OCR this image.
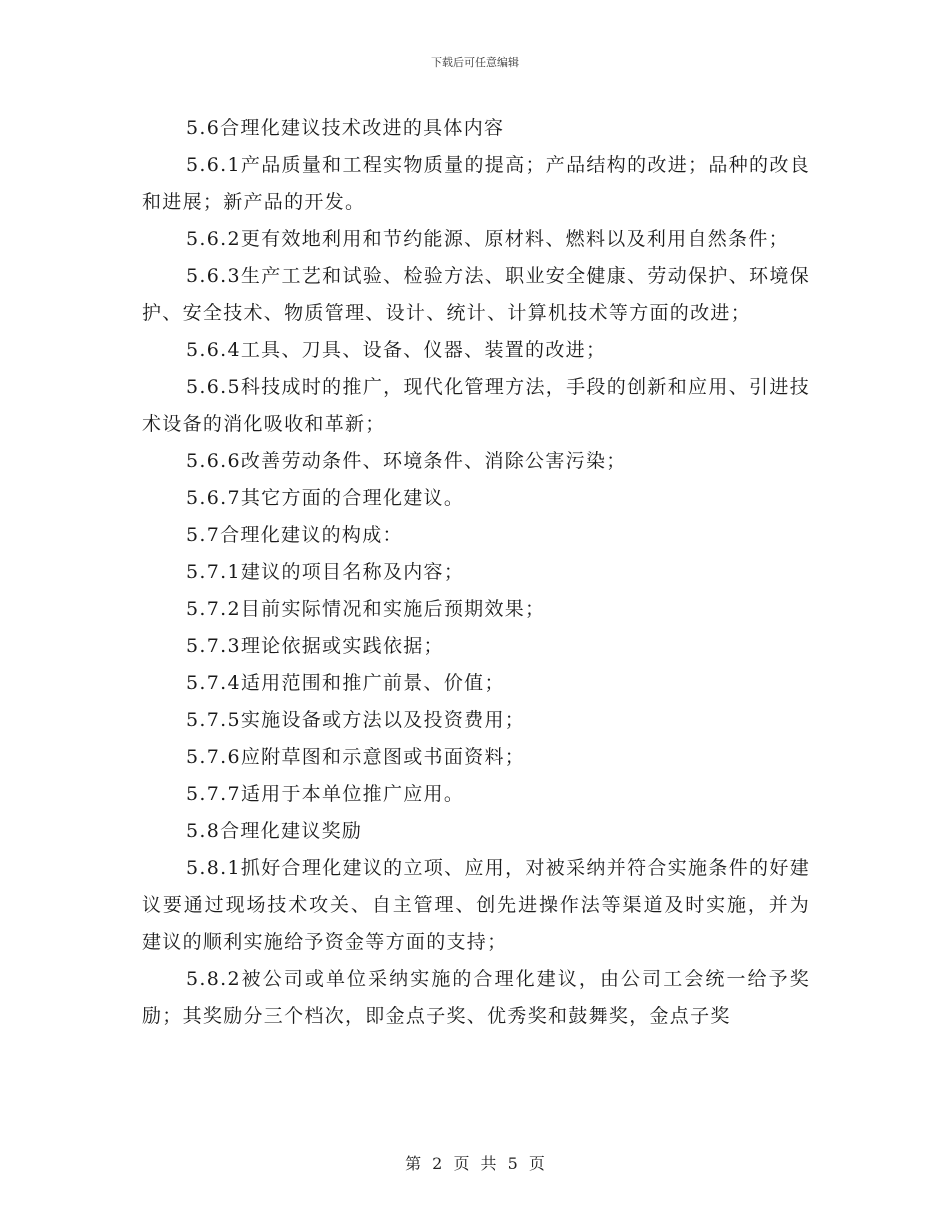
下载后可任意编辑

5.6合理化建议技术改进的具体内容

5.6.1产品质量和工程实物质量的提高；产品结构的改进；品种的改良和进展；新产品的开发。

5.6.2更有效地利用和节约能源、原材料、燃料以及利用自然条件；

5.6.3生产工艺和试验、检验方法、职业安全健康、劳动保护、环境保护、安全技术、物质管理、设计、统计、计算机技术等方面的改进；

5.6.4工具、刀具、设备、仪器、装置的改进；

5.6.5科技成时的推广，现代化管理方法，手段的创新和应用、引进技术设备的消化吸收和革新；

5.6.6改善劳动条件、环境条件、消除公害污染；

5.6.7其它方面的合理化建议。

5.7合理化建议的构成：

5.7.1建议的项目名称及内容；

5.7.2目前实际情况和实施后预期效果；

5.7.3理论依据或实践依据；

5.7.4适用范围和推广前景、价值；

5.7.5实施设备或方法以及投资费用；

5.7.6应附草图和示意图或书面资料；

5.7.7适用于本单位推广应用。

5.8合理化建议奖励

5.8.1抓好合理化建议的立项、应用，对被采纳并符合实施条件的好建议要通过现场技术攻关、自主管理、创先进操作法等渠道及时实施，并为建议的顺利实施给予资金等方面的支持；

5.8.2被公司或单位采纳实施的合理化建议，由公司工会统一给予奖励；其奖励分三个档次，即金点子奖、优秀奖和鼓舞奖，金点子奖

第 2 页 共 5 页
